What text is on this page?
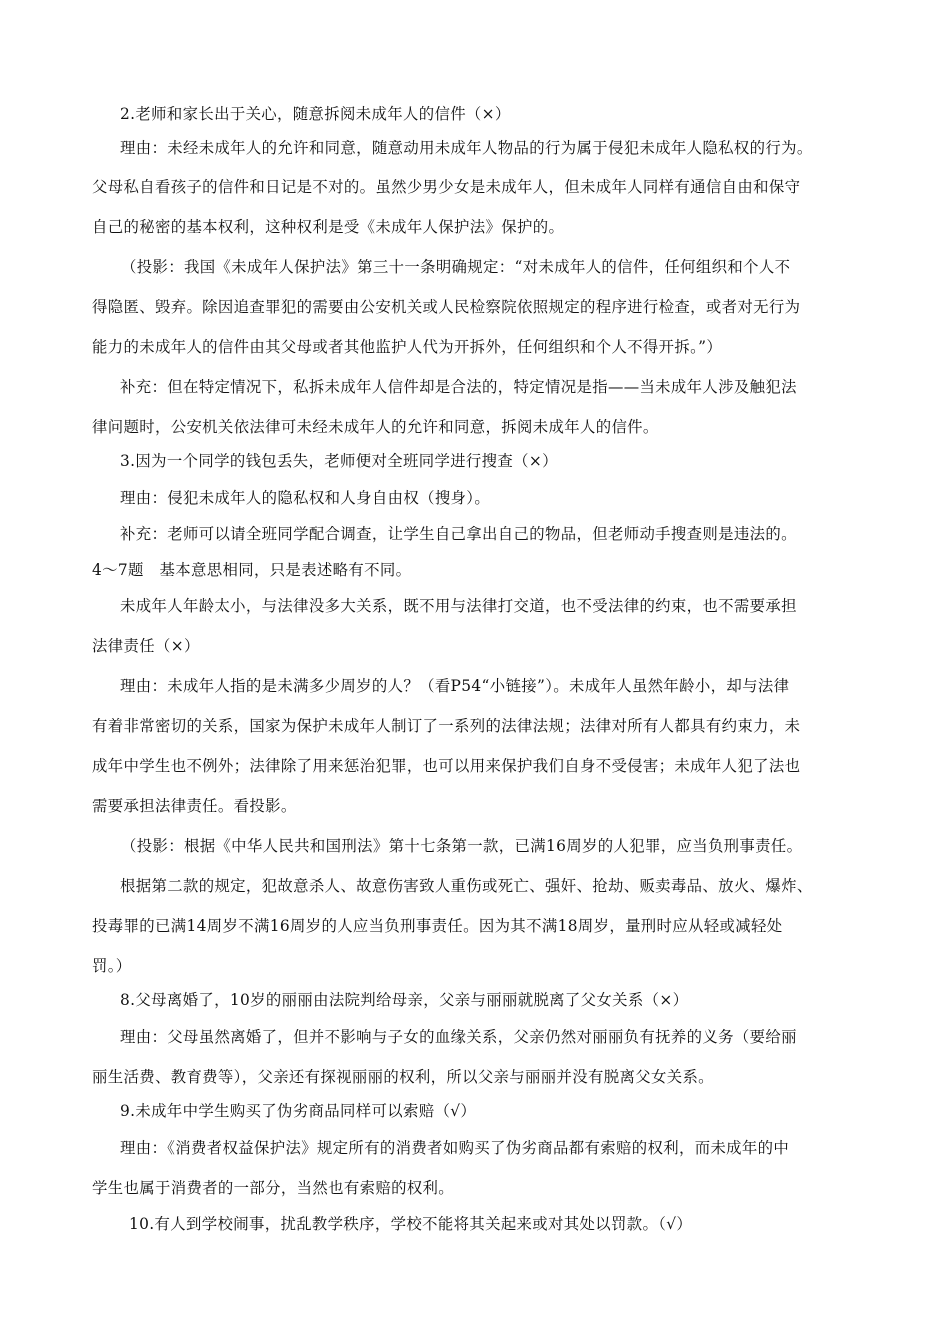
2.老师和家长出于关心，随意拆阅未成年人的信件（×）
理由：未经未成年人的允许和同意，随意动用未成年人物品的行为属于侵犯未成年人隐私权的行为。
父母私自看孩子的信件和日记是不对的。虽然少男少女是未成年人，但未成年人同样有通信自由和保守
自己的秘密的基本权利，这种权利是受《未成年人保护法》保护的。
（投影：我国《未成年人保护法》第三十一条明确规定：“对未成年人的信件，任何组织和个人不
得隐匿、毁弃。除因追查罪犯的需要由公安机关或人民检察院依照规定的程序进行检查，或者对无行为
能力的未成年人的信件由其父母或者其他监护人代为开拆外，任何组织和个人不得开拆。”）
补充：但在特定情况下，私拆未成年人信件却是合法的，特定情况是指——当未成年人涉及触犯法
律问题时，公安机关依法律可未经未成年人的允许和同意，拆阅未成年人的信件。
3.因为一个同学的钱包丢失，老师便对全班同学进行搜查（×）
理由：侵犯未成年人的隐私权和人身自由权（搜身）。
补充：老师可以请全班同学配合调查，让学生自己拿出自己的物品，但老师动手搜查则是违法的。
4～7题　基本意思相同，只是表述略有不同。
未成年人年龄太小，与法律没多大关系，既不用与法律打交道，也不受法律的约束，也不需要承担
法律责任（×）
理由：未成年人指的是未满多少周岁的人？（看P54“小链接”）。未成年人虽然年龄小，却与法律
有着非常密切的关系，国家为保护未成年人制订了一系列的法律法规；法律对所有人都具有约束力，未
成年中学生也不例外；法律除了用来惩治犯罪，也可以用来保护我们自身不受侵害；未成年人犯了法也
需要承担法律责任。看投影。
（投影：根据《中华人民共和国刑法》第十七条第一款，已满16周岁的人犯罪，应当负刑事责任。
根据第二款的规定，犯故意杀人、故意伤害致人重伤或死亡、强奸、抢劫、贩卖毒品、放火、爆炸、
投毒罪的已满14周岁不满16周岁的人应当负刑事责任。因为其不满18周岁，量刑时应从轻或减轻处
罚。）
8.父母离婚了，10岁的丽丽由法院判给母亲，父亲与丽丽就脱离了父女关系（×）
理由：父母虽然离婚了，但并不影响与子女的血缘关系，父亲仍然对丽丽负有抚养的义务（要给丽
丽生活费、教育费等），父亲还有探视丽丽的权利，所以父亲与丽丽并没有脱离父女关系。
9.未成年中学生购买了伪劣商品同样可以索赔（√）
理由：《消费者权益保护法》规定所有的消费者如购买了伪劣商品都有索赔的权利，而未成年的中
学生也属于消费者的一部分，当然也有索赔的权利。
10.有人到学校闹事，扰乱教学秩序，学校不能将其关起来或对其处以罚款。（√）
